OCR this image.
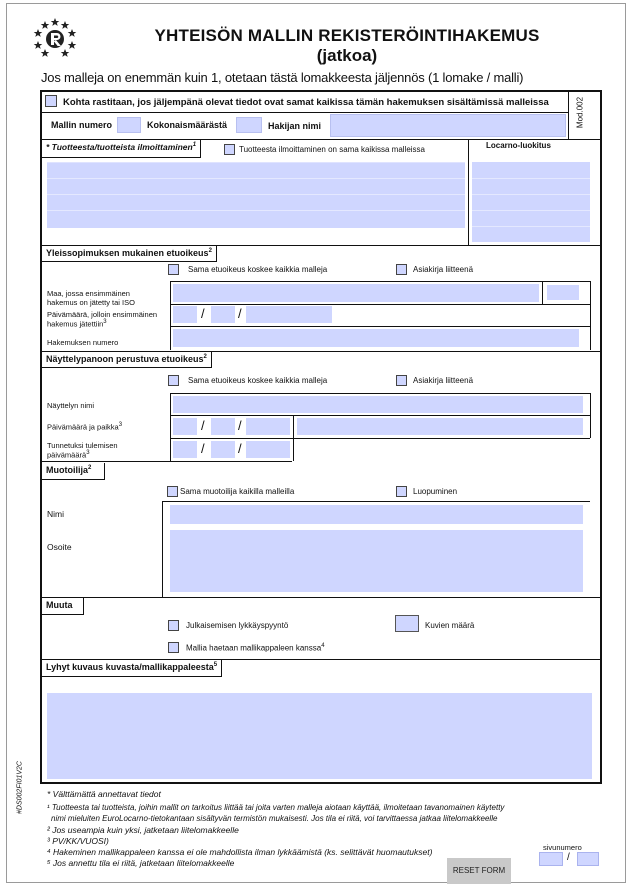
YHTEISÖN MALLIN REKISTERÖINTIHAKEMUS
(jatkoa)
Jos malleja on enemmän kuin 1, otetaan tästä lomakkeesta jäljennös (1 lomake / malli)
Kohta rastitaan, jos jäljempänä olevat tiedot ovat samat kaikissa tämän hakemuksen sisältämissä malleissa	Mod.002
Mallin numero	Kokonaismäärästä	Hakijan nimi
* Tuotteesta/tuotteista ilmoittaminen$^1$	Tuotteesta ilmoittaminen on sama kaikissa malleissa	Locarno-luokitus
Yleissopimuksen mukainen etuoikeus$^2$
Sama etuoikeus koskee kaikkia malleja	Asiakirja liitteenä
Maa, jossa ensimmäinen
hakemus on jätetty tai ISO
Päivämäärä, jolloin ensimmäinen
hakemus jätettiin$^3$
/	/
Hakemuksen numero
Näyttelypanoon perustuva etuoikeus$^2$
Sama etuoikeus koskee kaikkia malleja	Asiakirja liitteenä
Näyttelyn nimi
Päivämäärä ja paikka$^3$	/	/
Tunnetuksi tulemisen
päivämäärä$^3$	/	/
Muotoilija$^2$
Sama muotoilija kaikilla malleilla	Luopuminen
Nimi
Osoite
Muuta
Julkaisemisen lykkäyspyyntö	Kuvien määrä
Mallia haetaan mallikappaleen kanssa$^4$
Lyhyt kuvaus kuvasta/mallikappaleesta$^5$
#DS002FI01V2C	* Välttämättä annettavat tiedot
¹ Tuotteesta tai tuotteista, joihin mallit on tarkoitus liittää tai joita varten malleja aiotaan käyttää, ilmoitetaan tavanomainen käytetty
nimi mieluiten EuroLocarno-tietokantaan sisältyvän termistön mukaisesti. Jos tila ei riitä, voi tarvittaessa jatkaa liitelomakkeelle
² Jos useampia kuin yksi, jatketaan liitelomakkeelle
³ PV/KK/VUOSI)
⁴ Hakeminen mallikappaleen kanssa ei ole mahdollista ilman lykkäämistä (ks. selittävät huomautukset)
⁵ Jos annettu tila ei riitä, jatketaan liitelomakkeelle
sivunumero
/
RESET FORM
